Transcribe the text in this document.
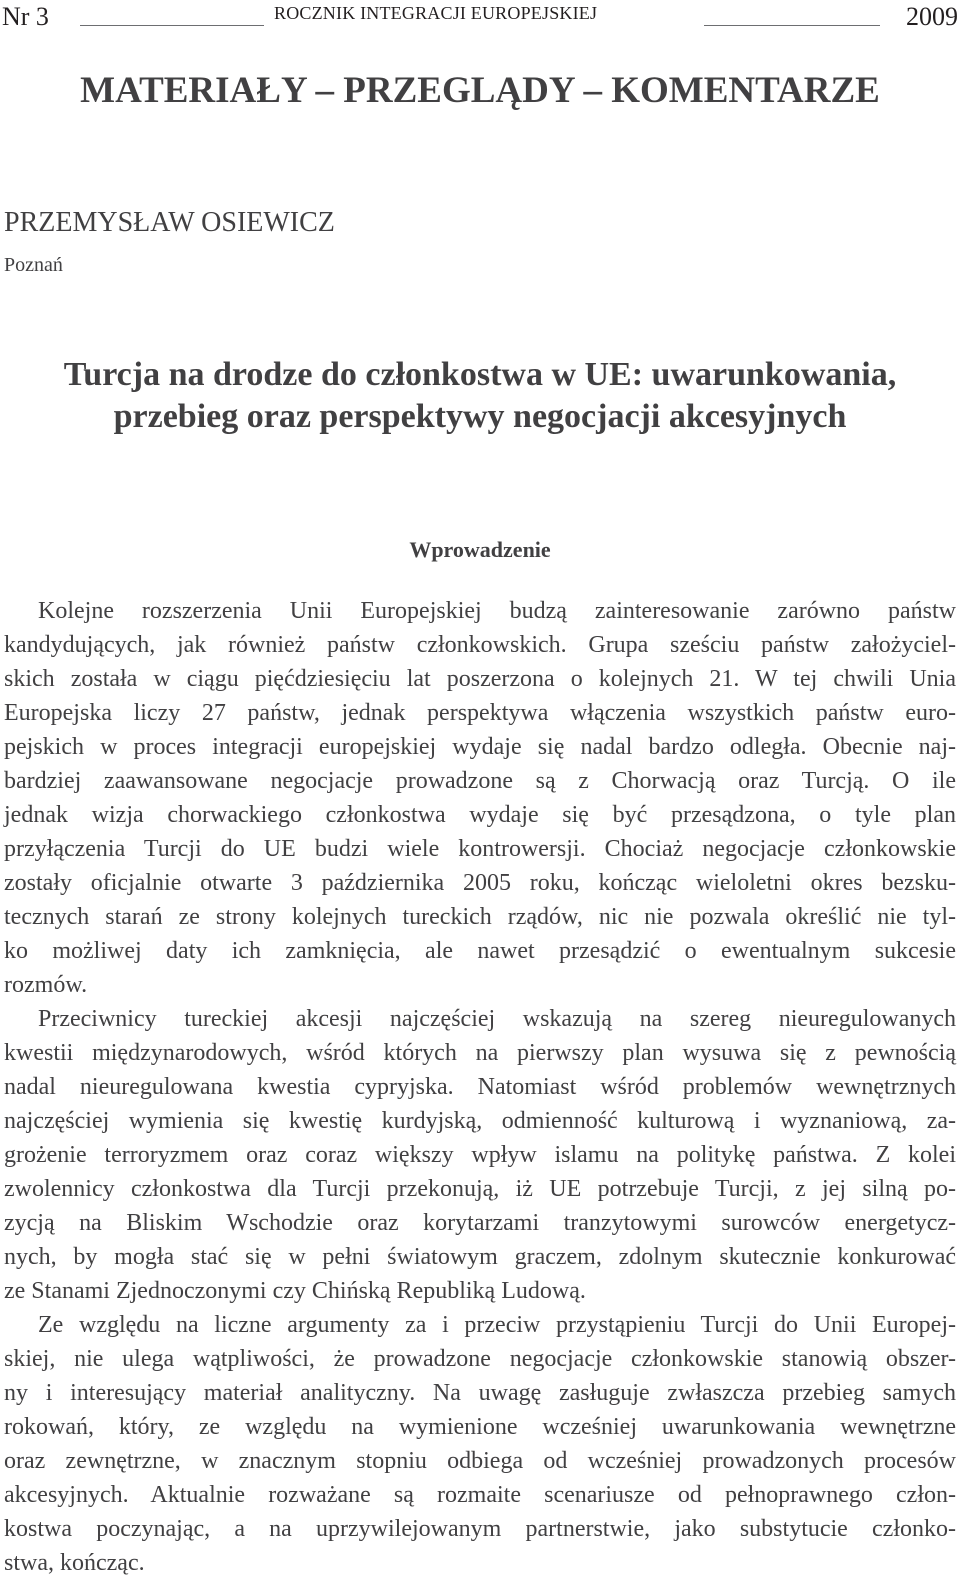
Nr 3	ROCZNIK INTEGRACJI EUROPEJSKIEJ	2009
MATERIAŁY – PRZEGLĄDY – KOMENTARZE
PRZEMYSŁAW OSIEWICZ
Poznań
Turcja na drodze do członkostwa w UE: uwarunkowania,
przebieg oraz perspektywy negocjacji akcesyjnych
Wprowadzenie
Kolejne rozszerzenia Unii Europejskiej budzą zainteresowanie zarówno państw
kandydujących, jak również państw członkowskich. Grupa sześciu państw założyciel-
skich została w ciągu pięćdziesięciu lat poszerzona o kolejnych 21. W tej chwili Unia
Europejska liczy 27 państw, jednak perspektywa włączenia wszystkich państw euro-
pejskich w proces integracji europejskiej wydaje się nadal bardzo odległa. Obecnie naj-
bardziej zaawansowane negocjacje prowadzone są z Chorwacją oraz Turcją. O ile
jednak wizja chorwackiego członkostwa wydaje się być przesądzona, o tyle plan
przyłączenia Turcji do UE budzi wiele kontrowersji. Chociaż negocjacje członkowskie
zostały oficjalnie otwarte 3 października 2005 roku, kończąc wieloletni okres bezsku-
tecznych starań ze strony kolejnych tureckich rządów, nic nie pozwala określić nie tyl-
ko możliwej daty ich zamknięcia, ale nawet przesądzić o ewentualnym sukcesie
rozmów.
Przeciwnicy tureckiej akcesji najczęściej wskazują na szereg nieuregulowanych
kwestii międzynarodowych, wśród których na pierwszy plan wysuwa się z pewnością
nadal nieuregulowana kwestia cypryjska. Natomiast wśród problemów wewnętrznych
najczęściej wymienia się kwestię kurdyjską, odmienność kulturową i wyznaniową, za-
grożenie terroryzmem oraz coraz większy wpływ islamu na politykę państwa. Z kolei
zwolennicy członkostwa dla Turcji przekonują, iż UE potrzebuje Turcji, z jej silną po-
zycją na Bliskim Wschodzie oraz korytarzami tranzytowymi surowców energetycz-
nych, by mogła stać się w pełni światowym graczem, zdolnym skutecznie konkurować
ze Stanami Zjednoczonymi czy Chińską Republiką Ludową.
Ze względu na liczne argumenty za i przeciw przystąpieniu Turcji do Unii Europej-
skiej, nie ulega wątpliwości, że prowadzone negocjacje członkowskie stanowią obszer-
ny i interesujący materiał analityczny. Na uwagę zasługuje zwłaszcza przebieg samych
rokowań, który, ze względu na wymienione wcześniej uwarunkowania wewnętrzne
oraz zewnętrzne, w znacznym stopniu odbiega od wcześniej prowadzonych procesów
akcesyjnych. Aktualnie rozważane są rozmaite scenariusze od pełnoprawnego człon-
kostwa poczynając, a na uprzywilejowanym partnerstwie, jako substytucie członko-
stwa, kończąc.
